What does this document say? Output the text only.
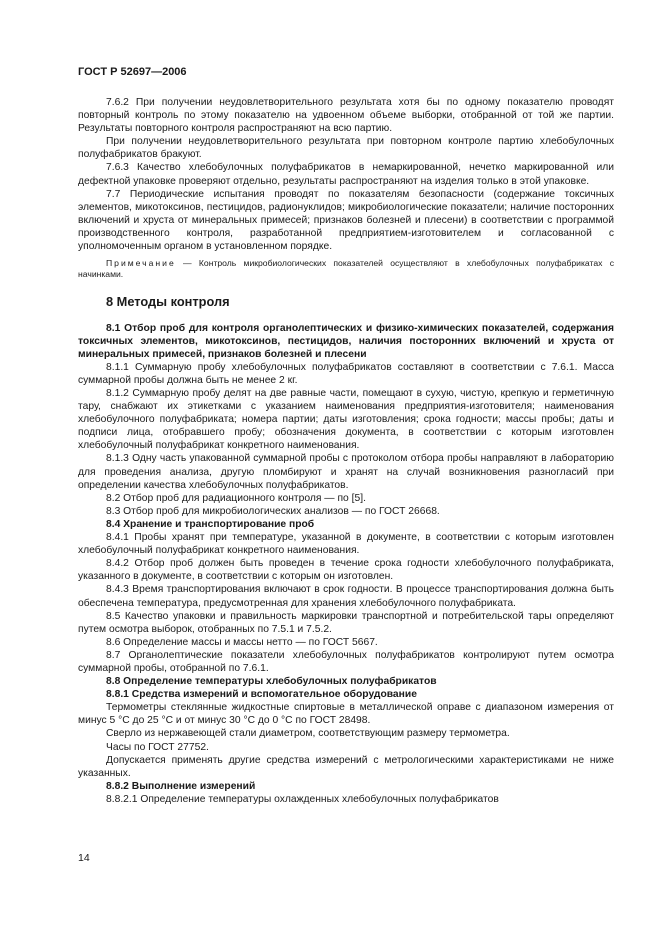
ГОСТ Р 52697—2006

7.6.2 При получении неудовлетворительного результата хотя бы по одному показателю проводят повторный контроль по этому показателю на удвоенном объеме выборки, отобранной от той же партии. Результаты повторного контроля распространяют на всю партию.

При получении неудовлетворительного результата при повторном контроле партию хлебобулочных полуфабрикатов бракуют.

7.6.3 Качество хлебобулочных полуфабрикатов в немаркированной, нечетко маркированной или дефектной упаковке проверяют отдельно, результаты распространяют на изделия только в этой упаковке.

7.7 Периодические испытания проводят по показателям безопасности (содержание токсичных элементов, микотоксинов, пестицидов, радионуклидов; микробиологические показатели; наличие посторонних включений и хруста от минеральных примесей; признаков болезней и плесени) в соответствии с программой производственного контроля, разработанной предприятием-изготовителем и согласованной с уполномоченным органом в установленном порядке.

Примечание — Контроль микробиологических показателей осуществляют в хлебобулочных полуфабрикатах с начинками.

8 Методы контроля

8.1 Отбор проб для контроля органолептических и физико-химических показателей, содержания токсичных элементов, микотоксинов, пестицидов, наличия посторонних включений и хруста от минеральных примесей, признаков болезней и плесени

8.1.1 Суммарную пробу хлебобулочных полуфабрикатов составляют в соответствии с 7.6.1. Масса суммарной пробы должна быть не менее 2 кг.

8.1.2 Суммарную пробу делят на две равные части, помещают в сухую, чистую, крепкую и герметичную тару, снабжают их этикетками с указанием наименования предприятия-изготовителя; наименования хлебобулочного полуфабриката; номера партии; даты изготовления; срока годности; массы пробы; даты и подписи лица, отобравшего пробу; обозначения документа, в соответствии с которым изготовлен хлебобулочный полуфабрикат конкретного наименования.

8.1.3 Одну часть упакованной суммарной пробы с протоколом отбора пробы направляют в лабораторию для проведения анализа, другую пломбируют и хранят на случай возникновения разногласий при определении качества хлебобулочных полуфабрикатов.

8.2 Отбор проб для радиационного контроля — по [5].

8.3 Отбор проб для микробиологических анализов — по ГОСТ 26668.

8.4 Хранение и транспортирование проб

8.4.1 Пробы хранят при температуре, указанной в документе, в соответствии с которым изготовлен хлебобулочный полуфабрикат конкретного наименования.

8.4.2 Отбор проб должен быть проведен в течение срока годности хлебобулочного полуфабриката, указанного в документе, в соответствии с которым он изготовлен.

8.4.3 Время транспортирования включают в срок годности. В процессе транспортирования должна быть обеспечена температура, предусмотренная для хранения хлебобулочного полуфабриката.

8.5 Качество упаковки и правильность маркировки транспортной и потребительской тары определяют путем осмотра выборок, отобранных по 7.5.1 и 7.5.2.

8.6 Определение массы и массы нетто — по ГОСТ 5667.

8.7 Органолептические показатели хлебобулочных полуфабрикатов контролируют путем осмотра суммарной пробы, отобранной по 7.6.1.

8.8 Определение температуры хлебобулочных полуфабрикатов

8.8.1 Средства измерений и вспомогательное оборудование

Термометры стеклянные жидкостные спиртовые в металлической оправе с диапазоном измерения от минус 5 °С до 25 °С и от минус 30 °С до 0 °С по ГОСТ 28498.

Сверло из нержавеющей стали диаметром, соответствующим размеру термометра.

Часы по ГОСТ 27752.

Допускается применять другие средства измерений с метрологическими характеристиками не ниже указанных.

8.8.2 Выполнение измерений

8.8.2.1 Определение температуры охлажденных хлебобулочных полуфабрикатов

14
